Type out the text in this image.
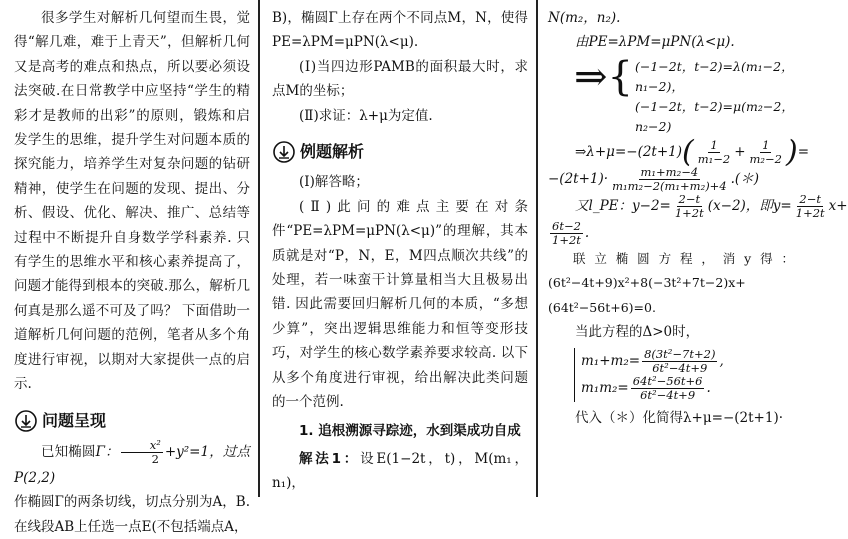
很多学生对解析几何望而生畏，觉得“解几难，难于上青天”，但解析几何又是高考的难点和热点，所以要必须设法突破.在日常教学中应坚持“学生的精彩才是教师的出彩”的原则，锻炼和启发学生的思维，提升学生对问题本质的探究能力，培养学生对复杂问题的钻研精神，使学生在问题的发现、提出、分析、假设、优化、解决、推广、总结等过程中不断提升自身数学学科素养. 只有学生的思维水平和核心素养提高了，问题才能得到根本的突破.那么，解析几何真是那么遥不可及了吗？ 下面借助一道解析几何问题的范例，笔者从多个角度进行审视，以期对大家提供一点的启示.

问题呈现

已知椭圆Γ： $\frac{\text{x²}}{2} +y^2=1$，过点P(2,2)

作椭圆Γ的两条切线，切点分别为A，B. 在线段AB上任选一点E(不包括端点A，

B)，椭圆Γ上存在两个不同点M，N，使得 PE=λPM=μPN(λ<μ).

(Ⅰ)当四边形PAMB的面积最大时，求点M的坐标；

(Ⅱ)求证：λ+μ为定值.

例题解析

(Ⅰ)解答略；

(Ⅱ)此问的难点主要在对条件“PE=λPM=μPN(λ<μ)”的理解，其本质就是对“P，N，E，M四点顺次共线”的处理，若一味蛮干计算量相当大且极易出错. 因此需要回归解析几何的本质，“多想少算”，突出逻辑思维能力和恒等变形技巧，对学生的核心数学素养要求较高. 以下从多个角度进行审视，给出解决此类问题的一个范例.

1. 追根溯源寻踪迹，水到渠成功自成

解法1：设E(1−2t，t)，M(m₁，n₁)，

N(m₂，n₂).

由PE=λPM=μPN(λ<μ).

⇒{ (−1−2t，t−2)=λ(m₁−2，n₁−2)，
(−1−2t，t−2)=μ(m₂−2，n₂−2)

⇒λ+μ=−(2t+1)( $\frac{1}{\text{m₁−2}} + \frac{1}{\text{m₂−2}}$ )=

$-(2t+1)\cdot \frac{\text{m₁+m₂−4}}{\text{m₁m₂−2(m₁+m₂)+4}}$ .(＊)

又l_PE：$y-2= \frac{2-t}{1+2t} (x-2)$，即$y= \frac{2-t}{1+2t} x+$

$\frac{6t-2}{1+2t}$ .

联立椭圆方程，消y得：(6t²−4t+9)x²+8(−3t²+7t−2)x+(64t²−56t+6)=0.

当此方程的Δ>0时，

$m_1+m_2= \frac{\text{8(3t²−7t+2)}}{\text{6t²−4t+9}}$ ,
$m_1m_2= \frac{\text{64t²−56t+6}}{\text{6t²−4t+9}}$ .

代入（＊）化简得λ+μ=−(2t+1)·
